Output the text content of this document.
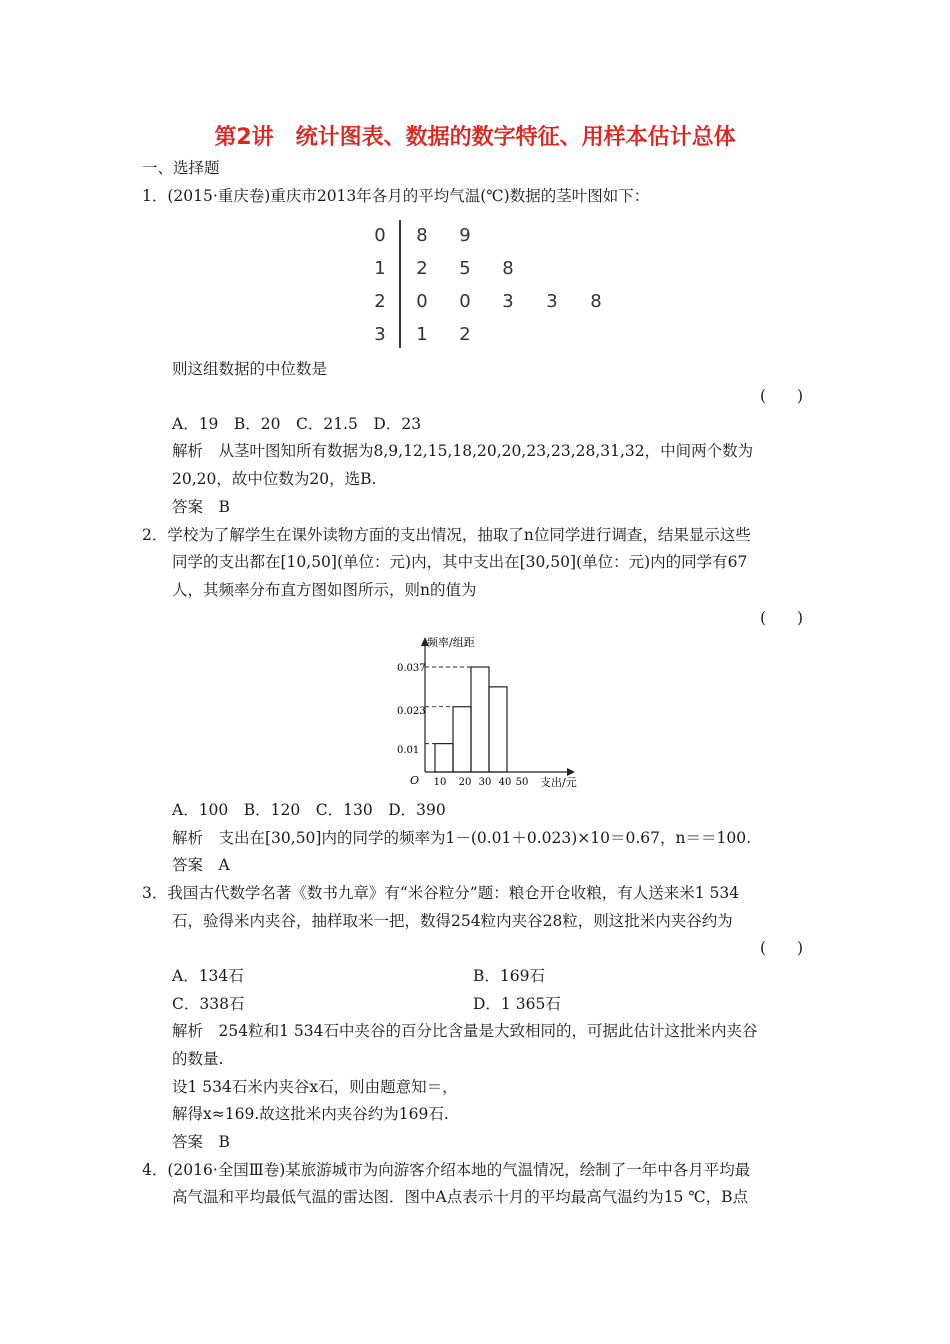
第2讲　统计图表、数据的数字特征、用样本估计总体
一、选择题
1．(2015·重庆卷)重庆市2013年各月的平均气温(℃)数据的茎叶图如下：
0	8	9
1	2	5	8
2	0	0	3	3	8
3	1	2
则这组数据的中位数是
(　　)
A．19　B．20　C．21.5　D．23
解析　从茎叶图知所有数据为8,9,12,15,18,20,20,23,23,28,31,32，中间两个数为
20,20，故中位数为20，选B.
答案　B
2．学校为了解学生在课外读物方面的支出情况，抽取了n位同学进行调查，结果显示这些
同学的支出都在[10,50](单位：元)内，其中支出在[30,50](单位：元)内的同学有67
人，其频率分布直方图如图所示，则n的值为
(　　)
频率/组距
支出/元
O
0.01
0.023
0.037
10 20 30 40 50
A．100　B．120　C．130　D．390
解析　支出在[30,50]内的同学的频率为1－(0.01＋0.023)×10＝0.67，n＝＝100.
答案　A
3．我国古代数学名著《数书九章》有“米谷粒分”题：粮仓开仓收粮，有人送来米1 534
石，验得米内夹谷，抽样取米一把，数得254粒内夹谷28粒，则这批米内夹谷约为
(　　)
A．134石	B．169石
C．338石	D．1 365石
解析　254粒和1 534石中夹谷的百分比含量是大致相同的，可据此估计这批米内夹谷
的数量.
设1 534石米内夹谷x石，则由题意知＝，
解得x≈169.故这批米内夹谷约为169石.
答案　B
4．(2016·全国Ⅲ卷)某旅游城市为向游客介绍本地的气温情况，绘制了一年中各月平均最
高气温和平均最低气温的雷达图．图中A点表示十月的平均最高气温约为15 ℃，B点
